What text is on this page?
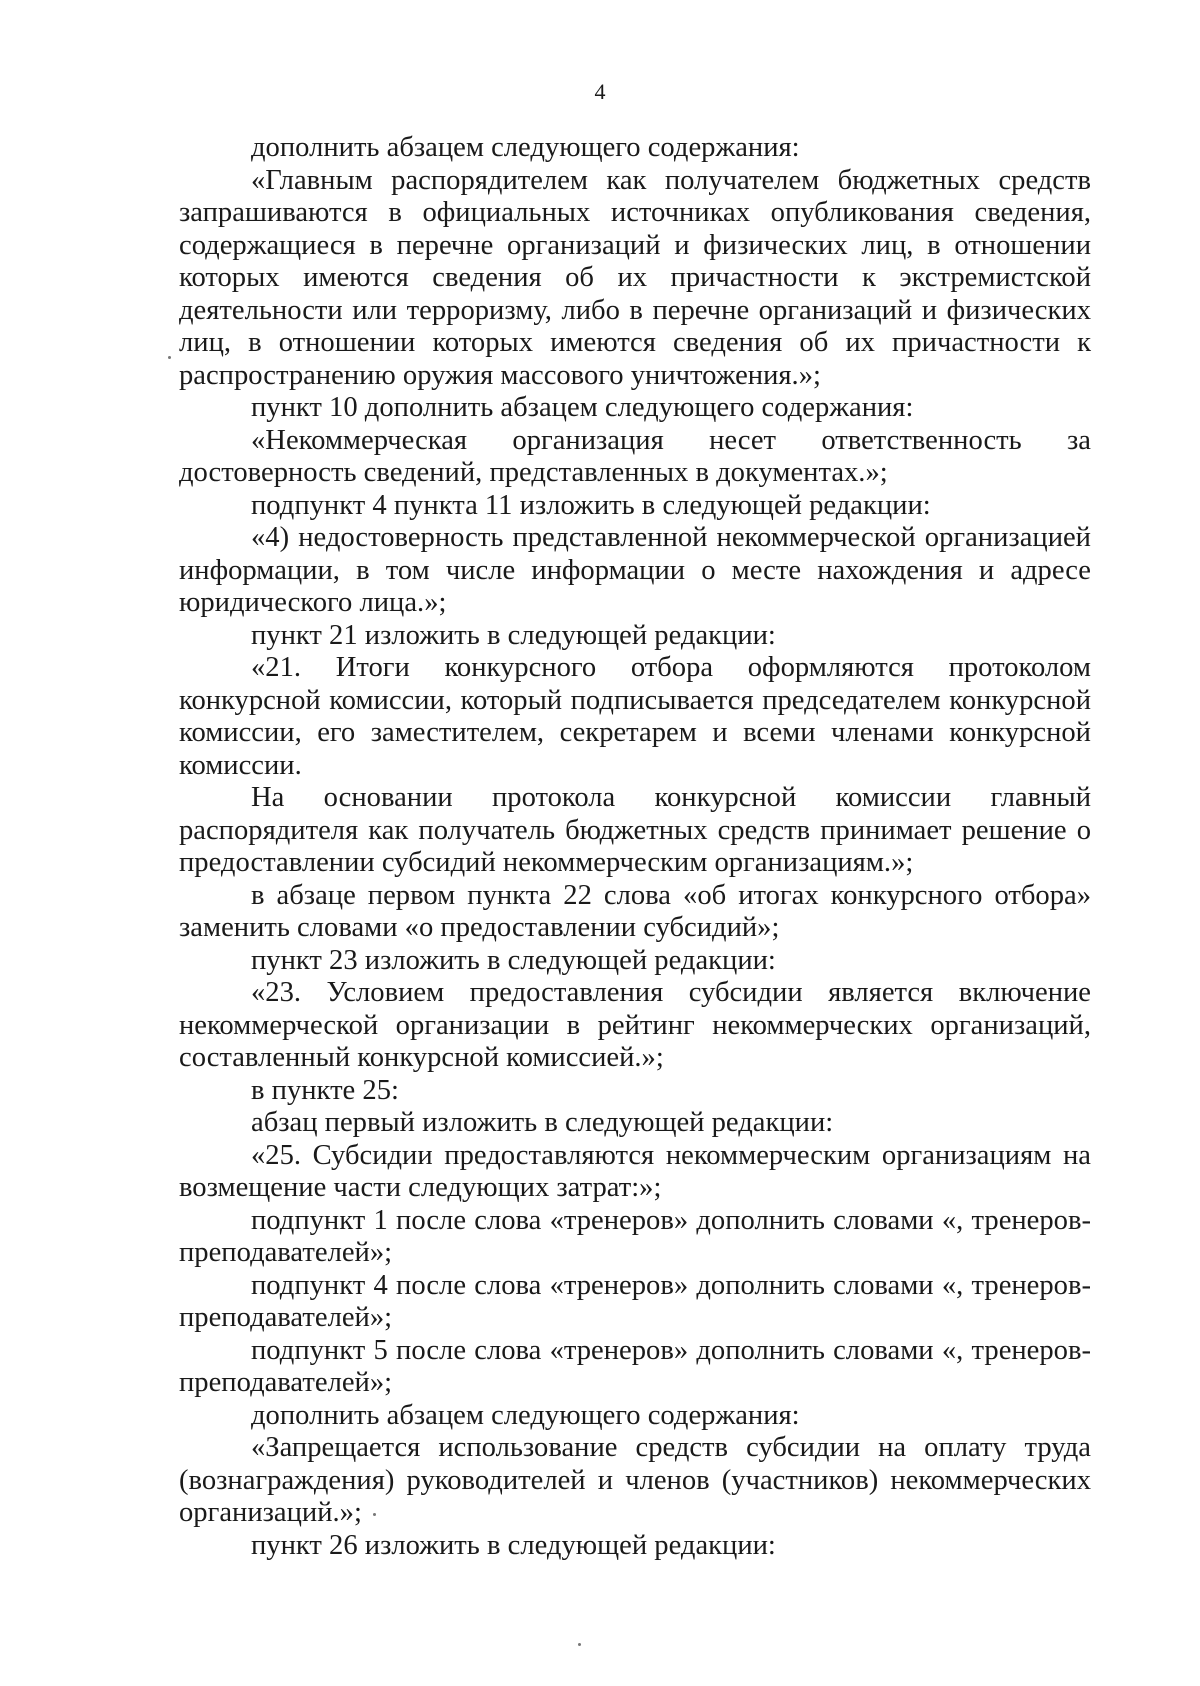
4

дополнить абзацем следующего содержания:

«Главным распорядителем как получателем бюджетных средств запрашиваются в официальных источниках опубликования сведения, содержащиеся в перечне организаций и физических лиц, в отношении которых имеются сведения об их причастности к экстремистской деятельности или терроризму, либо в перечне организаций и физических лиц, в отношении которых имеются сведения об их причастности к распространению оружия массового уничтожения.»;

пункт 10 дополнить абзацем следующего содержания:

«Некоммерческая организация несет ответственность за достоверность сведений, представленных в документах.»;

подпункт 4 пункта 11 изложить в следующей редакции:

«4) недостоверность представленной некоммерческой организацией информации, в том числе информации о месте нахождения и адресе юридического лица.»;

пункт 21 изложить в следующей редакции:

«21. Итоги конкурсного отбора оформляются протоколом конкурсной комиссии, который подписывается председателем конкурсной комиссии, его заместителем, секретарем и всеми членами конкурсной комиссии.

На основании протокола конкурсной комиссии главный распорядителя как получатель бюджетных средств принимает решение о предоставлении субсидий некоммерческим организациям.»;

в абзаце первом пункта 22 слова «об итогах конкурсного отбора» заменить словами «о предоставлении субсидий»;

пункт 23 изложить в следующей редакции:

«23. Условием предоставления субсидии является включение некоммерческой организации в рейтинг некоммерческих организаций, составленный конкурсной комиссией.»;

в пункте 25:

абзац первый изложить в следующей редакции:

«25. Субсидии предоставляются некоммерческим организациям на возмещение части следующих затрат:»;

подпункт 1 после слова «тренеров» дополнить словами «, тренеров-преподавателей»;

подпункт 4 после слова «тренеров» дополнить словами «, тренеров-преподавателей»;

подпункт 5 после слова «тренеров» дополнить словами «, тренеров-преподавателей»;

дополнить абзацем следующего содержания:

«Запрещается использование средств субсидии на оплату труда (вознаграждения) руководителей и членов (участников) некоммерческих организаций.»;

пункт 26 изложить в следующей редакции:
